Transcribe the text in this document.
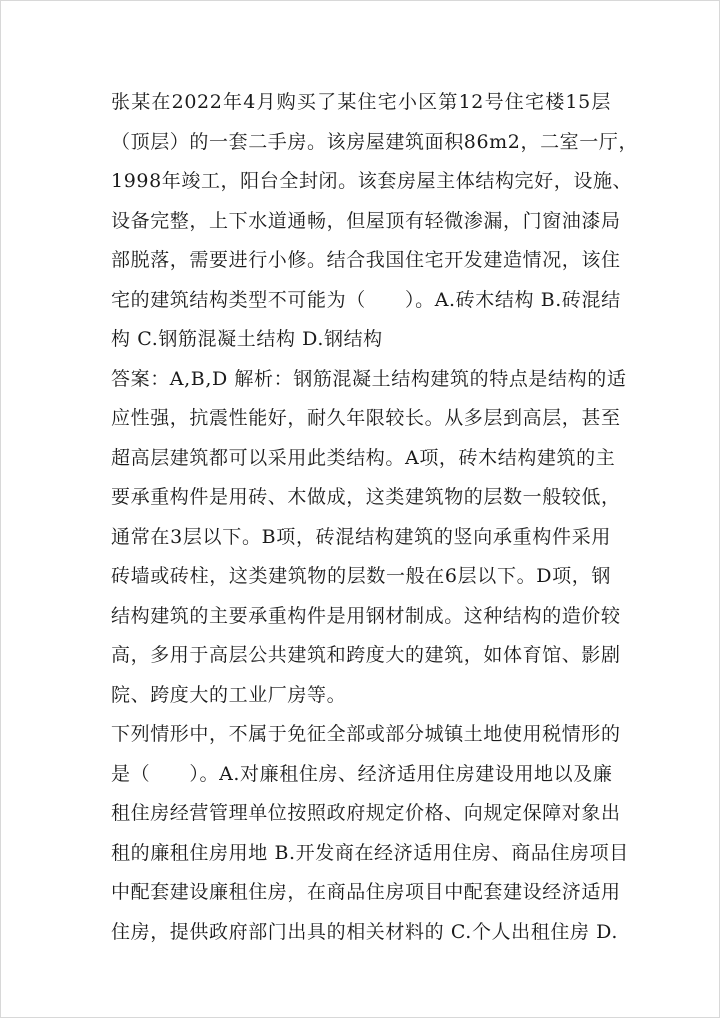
张某在2022年4月购买了某住宅小区第12号住宅楼15层
（顶层）的一套二手房。该房屋建筑面积86m2，二室一厅，
1998年竣工，阳台全封闭。该套房屋主体结构完好，设施、
设备完整，上下水道通畅，但屋顶有轻微渗漏，门窗油漆局
部脱落，需要进行小修。结合我国住宅开发建造情况，该住
宅的建筑结构类型不可能为（　　）。A.砖木结构 B.砖混结
构 C.钢筋混凝土结构 D.钢结构
答案：A,B,D 解析：钢筋混凝土结构建筑的特点是结构的适
应性强，抗震性能好，耐久年限较长。从多层到高层，甚至
超高层建筑都可以采用此类结构。A项，砖木结构建筑的主
要承重构件是用砖、木做成，这类建筑物的层数一般较低，
通常在3层以下。B项，砖混结构建筑的竖向承重构件采用
砖墙或砖柱，这类建筑物的层数一般在6层以下。D项，钢
结构建筑的主要承重构件是用钢材制成。这种结构的造价较
高，多用于高层公共建筑和跨度大的建筑，如体育馆、影剧
院、跨度大的工业厂房等。
下列情形中，不属于免征全部或部分城镇土地使用税情形的
是（　　）。A.对廉租住房、经济适用住房建设用地以及廉
租住房经营管理单位按照政府规定价格、向规定保障对象出
租的廉租住房用地 B.开发商在经济适用住房、商品住房项目
中配套建设廉租住房，在商品住房项目中配套建设经济适用
住房，提供政府部门出具的相关材料的 C.个人出租住房 D.
